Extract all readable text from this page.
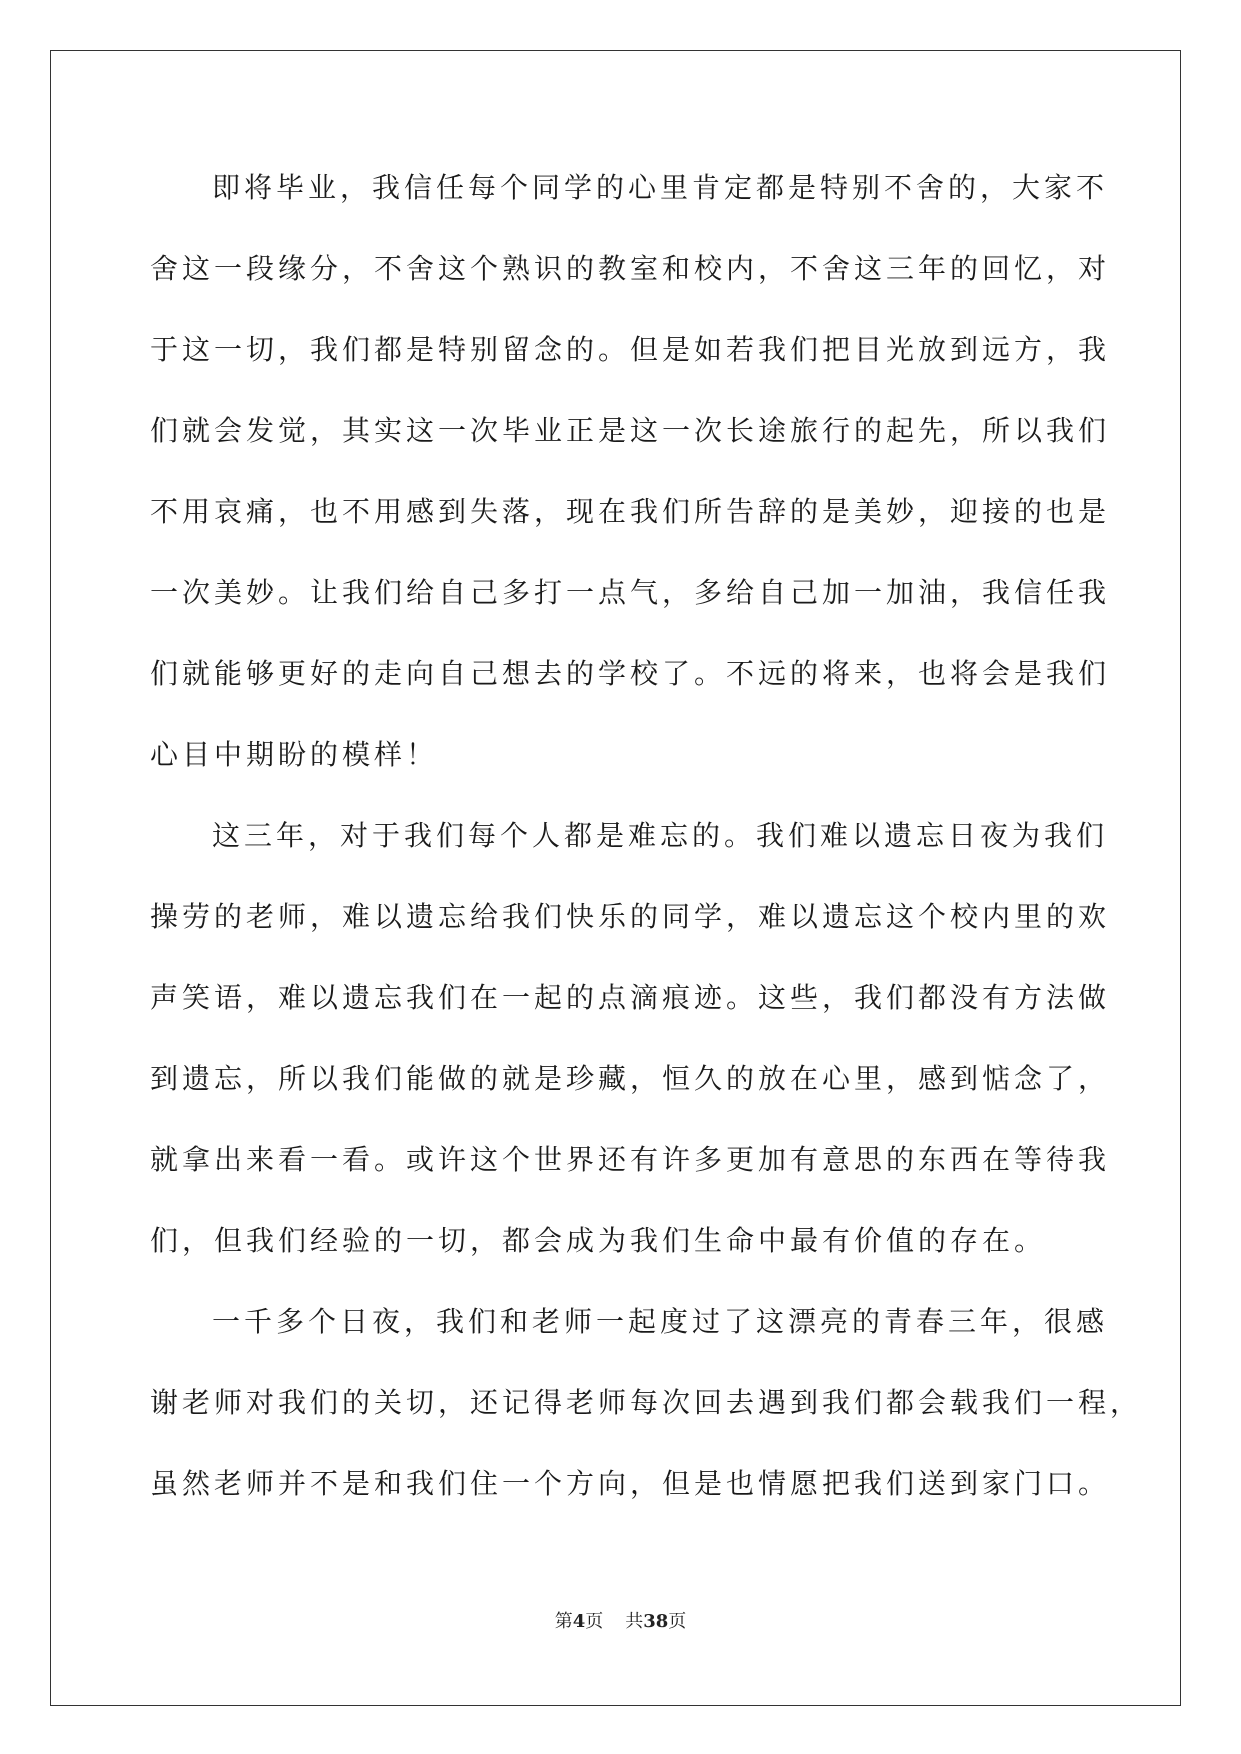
即将毕业，我信任每个同学的心里肯定都是特别不舍的，大家不
舍这一段缘分，不舍这个熟识的教室和校内，不舍这三年的回忆，对
于这一切，我们都是特别留念的。但是如若我们把目光放到远方，我
们就会发觉，其实这一次毕业正是这一次长途旅行的起先，所以我们
不用哀痛，也不用感到失落，现在我们所告辞的是美妙，迎接的也是
一次美妙。让我们给自己多打一点气，多给自己加一加油，我信任我
们就能够更好的走向自己想去的学校了。不远的将来，也将会是我们
心目中期盼的模样！
这三年，对于我们每个人都是难忘的。我们难以遗忘日夜为我们
操劳的老师，难以遗忘给我们快乐的同学，难以遗忘这个校内里的欢
声笑语，难以遗忘我们在一起的点滴痕迹。这些，我们都没有方法做
到遗忘，所以我们能做的就是珍藏，恒久的放在心里，感到惦念了，
就拿出来看一看。或许这个世界还有许多更加有意思的东西在等待我
们，但我们经验的一切，都会成为我们生命中最有价值的存在。
一千多个日夜，我们和老师一起度过了这漂亮的青春三年，很感
谢老师对我们的关切，还记得老师每次回去遇到我们都会载我们一程，
虽然老师并不是和我们住一个方向，但是也情愿把我们送到家门口。
第4页 共38页
